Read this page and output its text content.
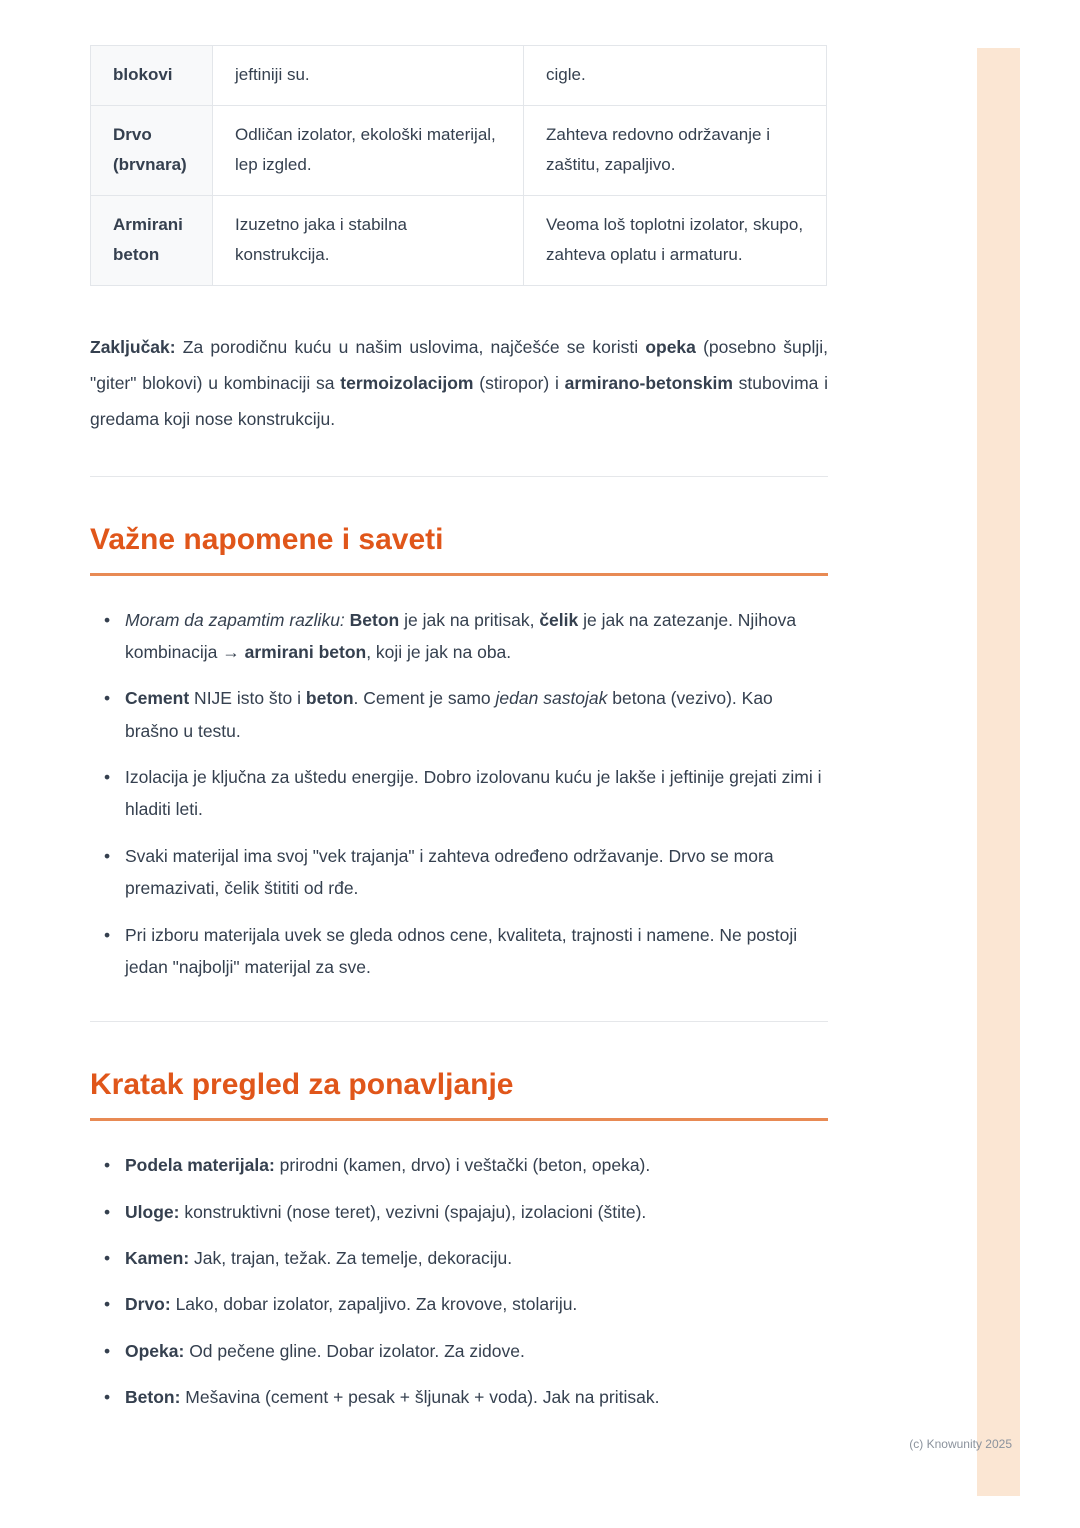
blokovi	jeftiniji su.	cigle.
Drvo (brvnara)	Odličan izolator, ekološki materijal, lep izgled.	Zahteva redovno održavanje i zaštitu, zapaljivo.
Armirani beton	Izuzetno jaka i stabilna konstrukcija.	Veoma loš toplotni izolator, skupo, zahteva oplatu i armaturu.

Zaključak: Za porodičnu kuću u našim uslovima, najčešće se koristi opeka (posebno šuplji, "giter" blokovi) u kombinaciji sa termoizolacijom (stiropor) i armirano-betonskim stubovima i gredama koji nose konstrukciju.

Važne napomene i saveti
• Moram da zapamtim razliku: Beton je jak na pritisak, čelik je jak na zatezanje. Njihova kombinacija → armirani beton, koji je jak na oba.
• Cement NIJE isto što i beton. Cement je samo jedan sastojak betona (vezivo). Kao brašno u testu.
• Izolacija je ključna za uštedu energije. Dobro izolovanu kuću je lakše i jeftinije grejati zimi i hladiti leti.
• Svaki materijal ima svoj "vek trajanja" i zahteva određeno održavanje. Drvo se mora premazivati, čelik štititi od rđe.
• Pri izboru materijala uvek se gleda odnos cene, kvaliteta, trajnosti i namene. Ne postoji jedan "najbolji" materijal za sve.
Kratak pregled za ponavljanje
• Podela materijala: prirodni (kamen, drvo) i veštački (beton, opeka).
• Uloge: konstruktivni (nose teret), vezivni (spajaju), izolacioni (štite).
• Kamen: Jak, trajan, težak. Za temelje, dekoraciju.
• Drvo: Lako, dobar izolator, zapaljivo. Za krovove, stolariju.
• Opeka: Od pečene gline. Dobar izolator. Za zidove.
• Beton: Mešavina (cement + pesak + šljunak + voda). Jak na pritisak.
(c) Knowunity 2025
